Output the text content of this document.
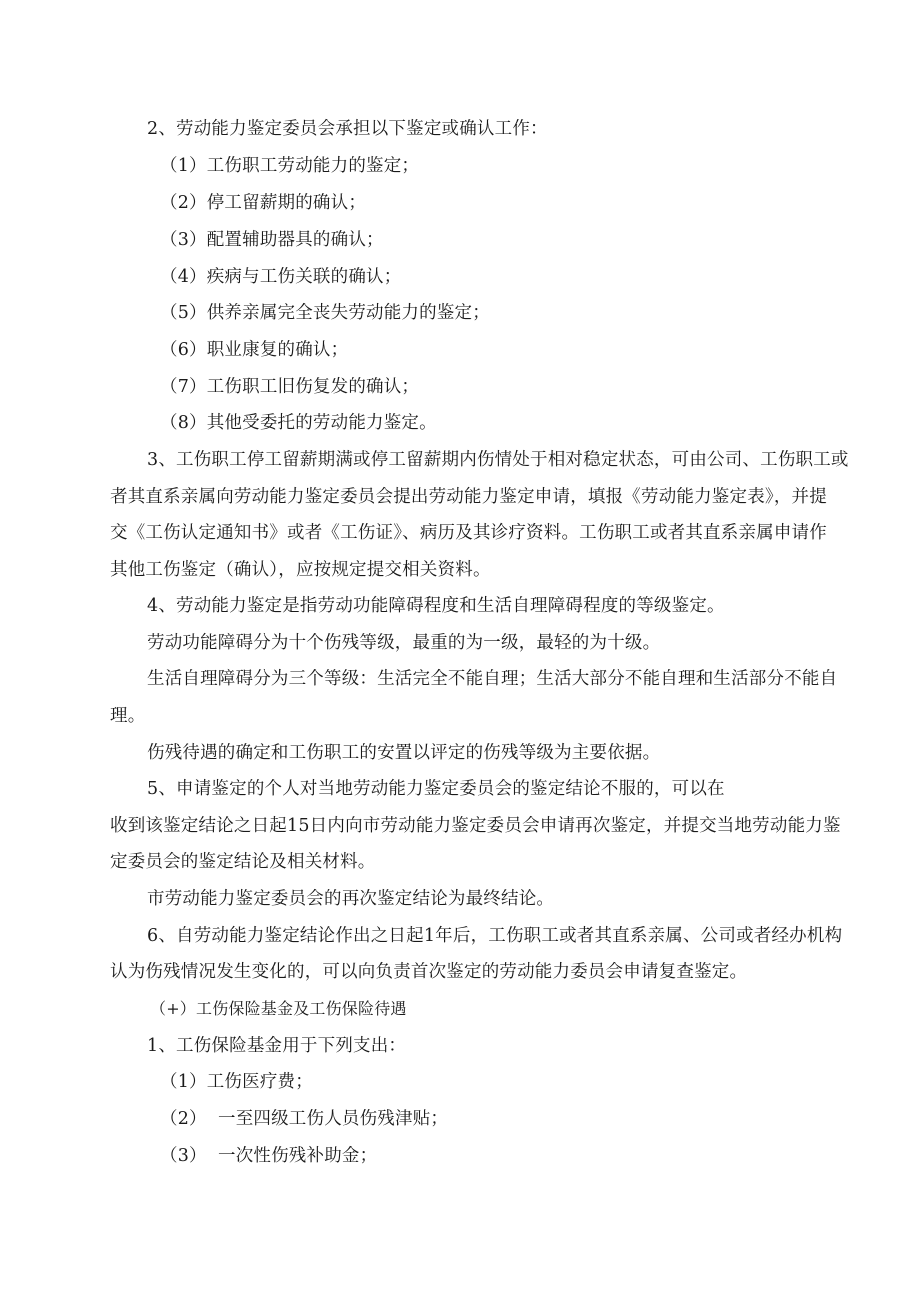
2、劳动能力鉴定委员会承担以下鉴定或确认工作：
（1）工伤职工劳动能力的鉴定；
（2）停工留薪期的确认；
（3）配置辅助器具的确认；
（4）疾病与工伤关联的确认；
（5）供养亲属完全丧失劳动能力的鉴定；
（6）职业康复的确认；
（7）工伤职工旧伤复发的确认；
（8）其他受委托的劳动能力鉴定。
3、工伤职工停工留薪期满或停工留薪期内伤情处于相对稳定状态，可由公司、工伤职工或
者其直系亲属向劳动能力鉴定委员会提出劳动能力鉴定申请，填报《劳动能力鉴定表》，并提
交《工伤认定通知书》或者《工伤证》、病历及其诊疗资料。工伤职工或者其直系亲属申请作
其他工伤鉴定（确认），应按规定提交相关资料。
4、劳动能力鉴定是指劳动功能障碍程度和生活自理障碍程度的等级鉴定。
劳动功能障碍分为十个伤残等级，最重的为一级，最轻的为十级。
生活自理障碍分为三个等级：生活完全不能自理；生活大部分不能自理和生活部分不能自
理。
伤残待遇的确定和工伤职工的安置以评定的伤残等级为主要依据。
5、申请鉴定的个人对当地劳动能力鉴定委员会的鉴定结论不服的，可以在
收到该鉴定结论之日起15日内向市劳动能力鉴定委员会申请再次鉴定，并提交当地劳动能力鉴
定委员会的鉴定结论及相关材料。
市劳动能力鉴定委员会的再次鉴定结论为最终结论。
6、自劳动能力鉴定结论作出之日起1年后，工伤职工或者其直系亲属、公司或者经办机构
认为伤残情况发生变化的，可以向负责首次鉴定的劳动能力委员会申请复查鉴定。
（+）工伤保险基金及工伤保险待遇
1、工伤保险基金用于下列支出：
（1）工伤医疗费；
（2） 一至四级工伤人员伤残津贴；
（3） 一次性伤残补助金；
